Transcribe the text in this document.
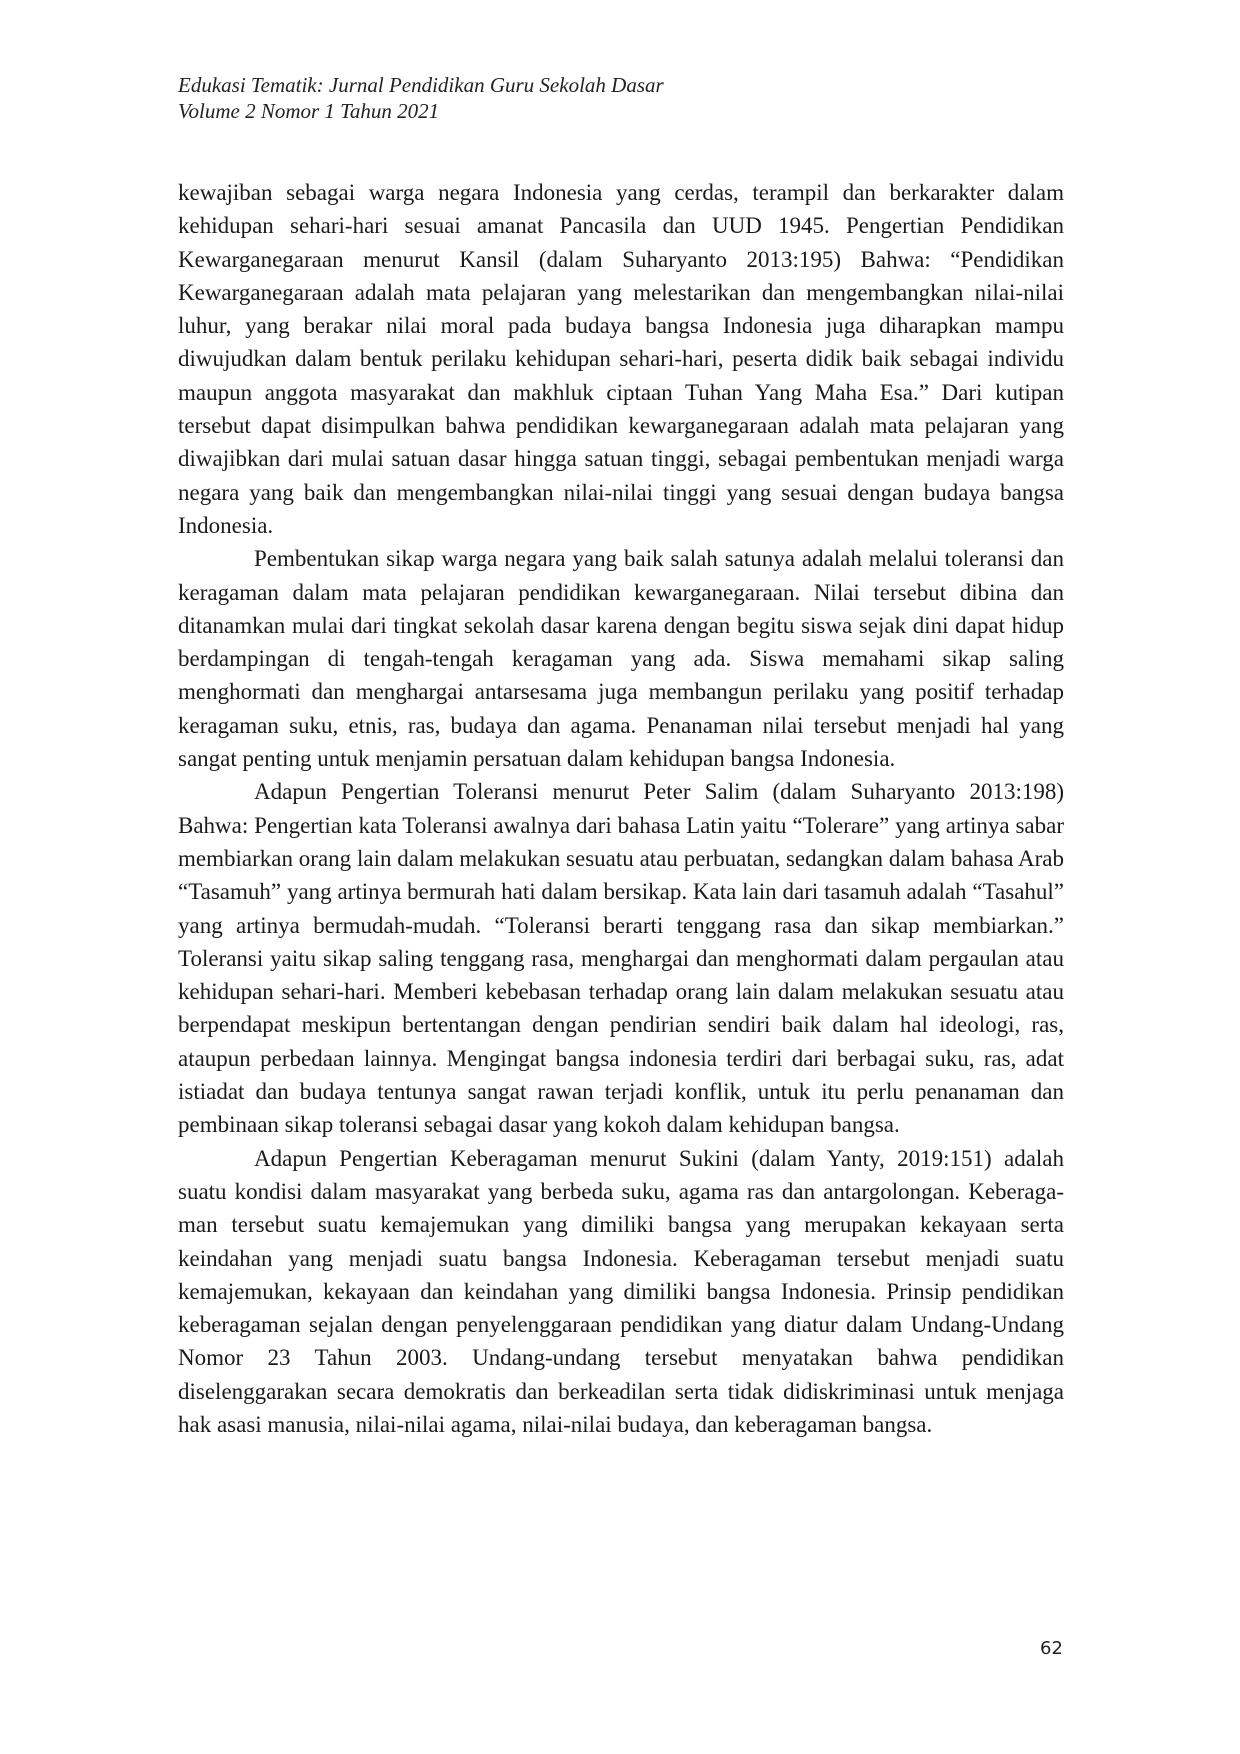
Edukasi Tematik: Jurnal Pendidikan Guru Sekolah Dasar
Volume 2 Nomor 1 Tahun 2021

kewajiban sebagai warga negara Indonesia yang cerdas, terampil dan berkarakter dalam kehidupan sehari-hari sesuai amanat Pancasila dan UUD 1945. Pengertian Pendidikan Kewarganegaraan menurut Kansil (dalam Suharyanto 2013:195) Bahwa: “Pendidikan Kewarganegaraan adalah mata pelajaran yang melestarikan dan mengembangkan nilai-nilai luhur, yang berakar nilai moral pada budaya bangsa Indonesia juga diharapkan mampu diwujudkan dalam bentuk perilaku kehidupan sehari-hari, peserta didik baik sebagai individu maupun anggota masyarakat dan makhluk ciptaan Tuhan Yang Maha Esa.” Dari kutipan tersebut dapat disimpulkan bahwa pendidikan kewarganegaraan adalah mata pelajaran yang diwajibkan dari mulai satuan dasar hingga satuan tinggi, sebagai pembentukan menjadi warga negara yang baik dan mengembangkan nilai-nilai tinggi yang sesuai dengan budaya bangsa Indonesia.

Pembentukan sikap warga negara yang baik salah satunya adalah melalui toleransi dan keragaman dalam mata pelajaran pendidikan kewarganegaraan. Nilai tersebut dibina dan ditanamkan mulai dari tingkat sekolah dasar karena dengan begitu siswa sejak dini dapat hidup berdampingan di tengah-tengah keragaman yang ada. Siswa memahami sikap saling menghormati dan menghargai antarsesama juga membangun perilaku yang positif terhadap keragaman suku, etnis, ras, budaya dan agama. Penanaman nilai tersebut menjadi hal yang sangat penting untuk menjamin persatuan dalam kehidupan bangsa Indonesia.

Adapun Pengertian Toleransi menurut Peter Salim (dalam Suharyanto 2013:198) Bahwa: Pengertian kata Toleransi awalnya dari bahasa Latin yaitu “Tolerare” yang artinya sabar membiarkan orang lain dalam melakukan sesuatu atau perbuatan, sedangkan dalam bahasa Arab “Tasamuh” yang artinya bermurah hati dalam bersikap. Kata lain dari tasamuh adalah “Tasahul” yang artinya bermudah-mudah. “Toleransi berarti tenggang rasa dan sikap membiarkan.” Toleransi yaitu sikap saling tenggang rasa, menghargai dan menghormati dalam pergaulan atau kehidupan sehari-hari. Memberi kebebasan terhadap orang lain dalam melakukan sesuatu atau berpendapat meskipun bertentangan dengan pendirian sendiri baik dalam hal ideologi, ras, ataupun perbedaan lainnya. Mengingat bangsa indonesia terdiri dari berbagai suku, ras, adat istiadat dan budaya tentunya sangat rawan terjadi konflik, untuk itu perlu penanaman dan pembinaan sikap toleransi sebagai dasar yang kokoh dalam kehidupan bangsa.

Adapun Pengertian Keberagaman menurut Sukini (dalam Yanty, 2019:151) adalah suatu kondisi dalam masyarakat yang berbeda suku, agama ras dan antargolongan. Keberaga-man tersebut suatu kemajemukan yang dimiliki bangsa yang merupakan kekayaan serta keindahan yang menjadi suatu bangsa Indonesia. Keberagaman tersebut menjadi suatu kemajemukan, kekayaan dan keindahan yang dimiliki bangsa Indonesia. Prinsip pendidikan keberagaman sejalan dengan penyelenggaraan pendidikan yang diatur dalam Undang-Undang Nomor 23 Tahun 2003. Undang-undang tersebut menyatakan bahwa pendidikan diselenggarakan secara demokratis dan berkeadilan serta tidak didiskriminasi untuk menjaga hak asasi manusia, nilai-nilai agama, nilai-nilai budaya, dan keberagaman bangsa.

62
